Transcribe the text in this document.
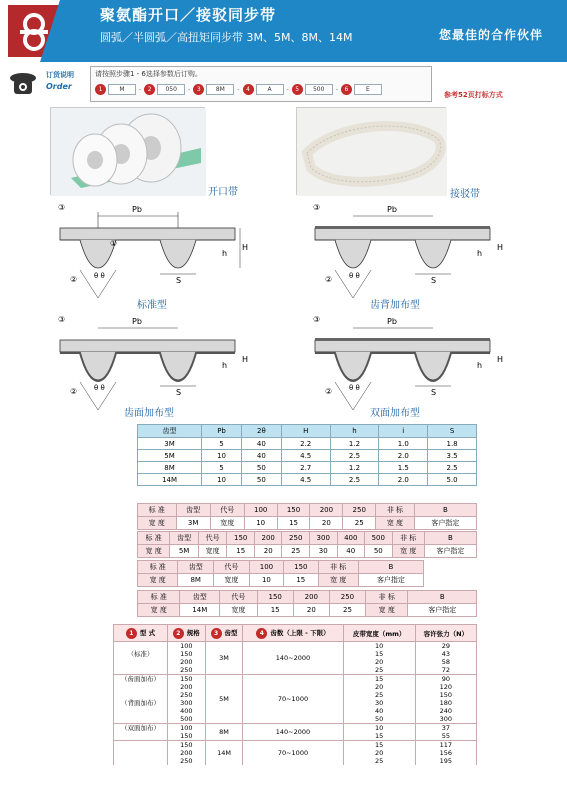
聚氨酯开口／接驳同步带
圆弧／半圆弧／高扭矩同步带 3M、5M、8M、14M	您最佳的合作伙伴
订货说明
Order
请按照步骤1 - 6选择参数后订购。
1	M	-	2	050	-	3	8M	-	4	A	-	5	500	-	6	E
参考52页打标方式
开口带	接驳带
Pb
S
h
H
θ θ
③
②
①
Pb
S
h
H
θ θ
③
②
Pb
S
h
H
θ θ
③
②
Pb
S
h
H
θ θ
③
②
标准型	齿背加布型
齿面加布型	双面加布型
齿型	Pb	2θ	H	h	i	S
3M	5	40	2.2	1.2	1.0	1.8
5M	10	40	4.5	2.5	2.0	3.5
8M	5	50	2.7	1.2	1.5	2.5
14M	10	50	4.5	2.5	2.0	5.0
标 准	齿型	代号	100	150	200	250	非 标	B
宽 度	3M	宽度	10	15	20	25	宽 度	客户指定
标 准	齿型	代号	150	200	250	300	400	500	非 标	B
宽 度	5M	宽度	15	20	25	30	40	50	宽 度	客户指定
标 准	齿型	代号	100	150	非 标	B
宽 度	8M	宽度	10	15	宽 度	客户指定
标 准	齿型	代号	150	200	250	非 标	B
宽 度	14M	宽度	15	20	25	宽 度	客户指定
1 型 式	2 规格	3 齿型	4 齿数（上限 - 下限）	皮带宽度（mm）	容许张力（N）
	100	3M	140~2000	10	29
（标准）	150			15	43
	200			20	58
	250			25	72
（齿面加布）	150	5M	70~1000	15	90
	200			20	120
	250			25	150
（背面加布）	300			30	180
	400			40	240
	500			50	300
（双面加布）	100	8M	140~2000	10	37
	150			15	55
	150	14M	70~1000	15	117
	200			20	156
	250			25	195
